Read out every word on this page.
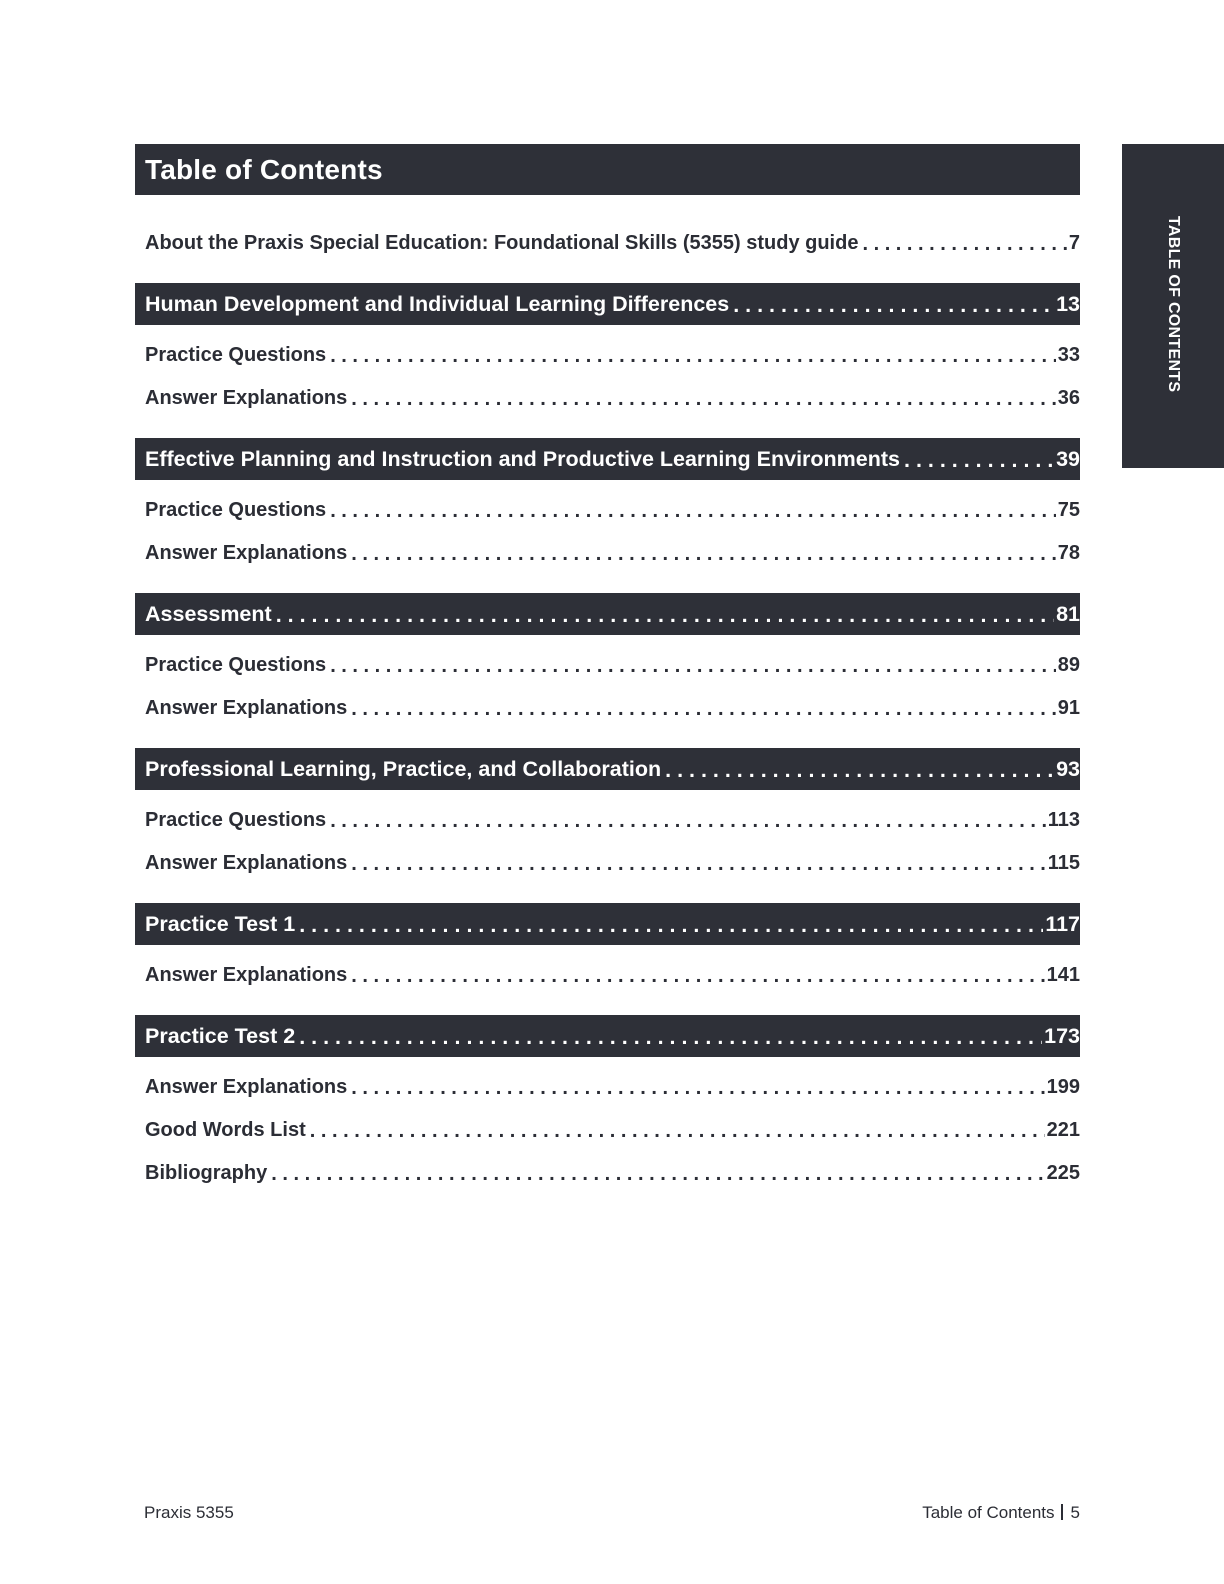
Table of Contents
TABLE OF CONTENTS
About the Praxis Special Education: Foundational Skills (5355) study guide . . .	7
Human Development and Individual Learning Differences . . .	13
Practice Questions . . .	33
Answer Explanations . . .	36
Effective Planning and Instruction and Productive Learning Environments . . .	39
Practice Questions . . .	75
Answer Explanations . . .	78
Assessment . . .	81
Practice Questions . . .	89
Answer Explanations . . .	91
Professional Learning, Practice, and Collaboration . . .	93
Practice Questions . . .	113
Answer Explanations . . .	115
Practice Test 1 . . .	117
Answer Explanations . . .	141
Practice Test 2 . . .	173
Answer Explanations . . .	199
Good Words List . . .	221
Bibliography . . .	225
Praxis 5355	Table of Contents 5
